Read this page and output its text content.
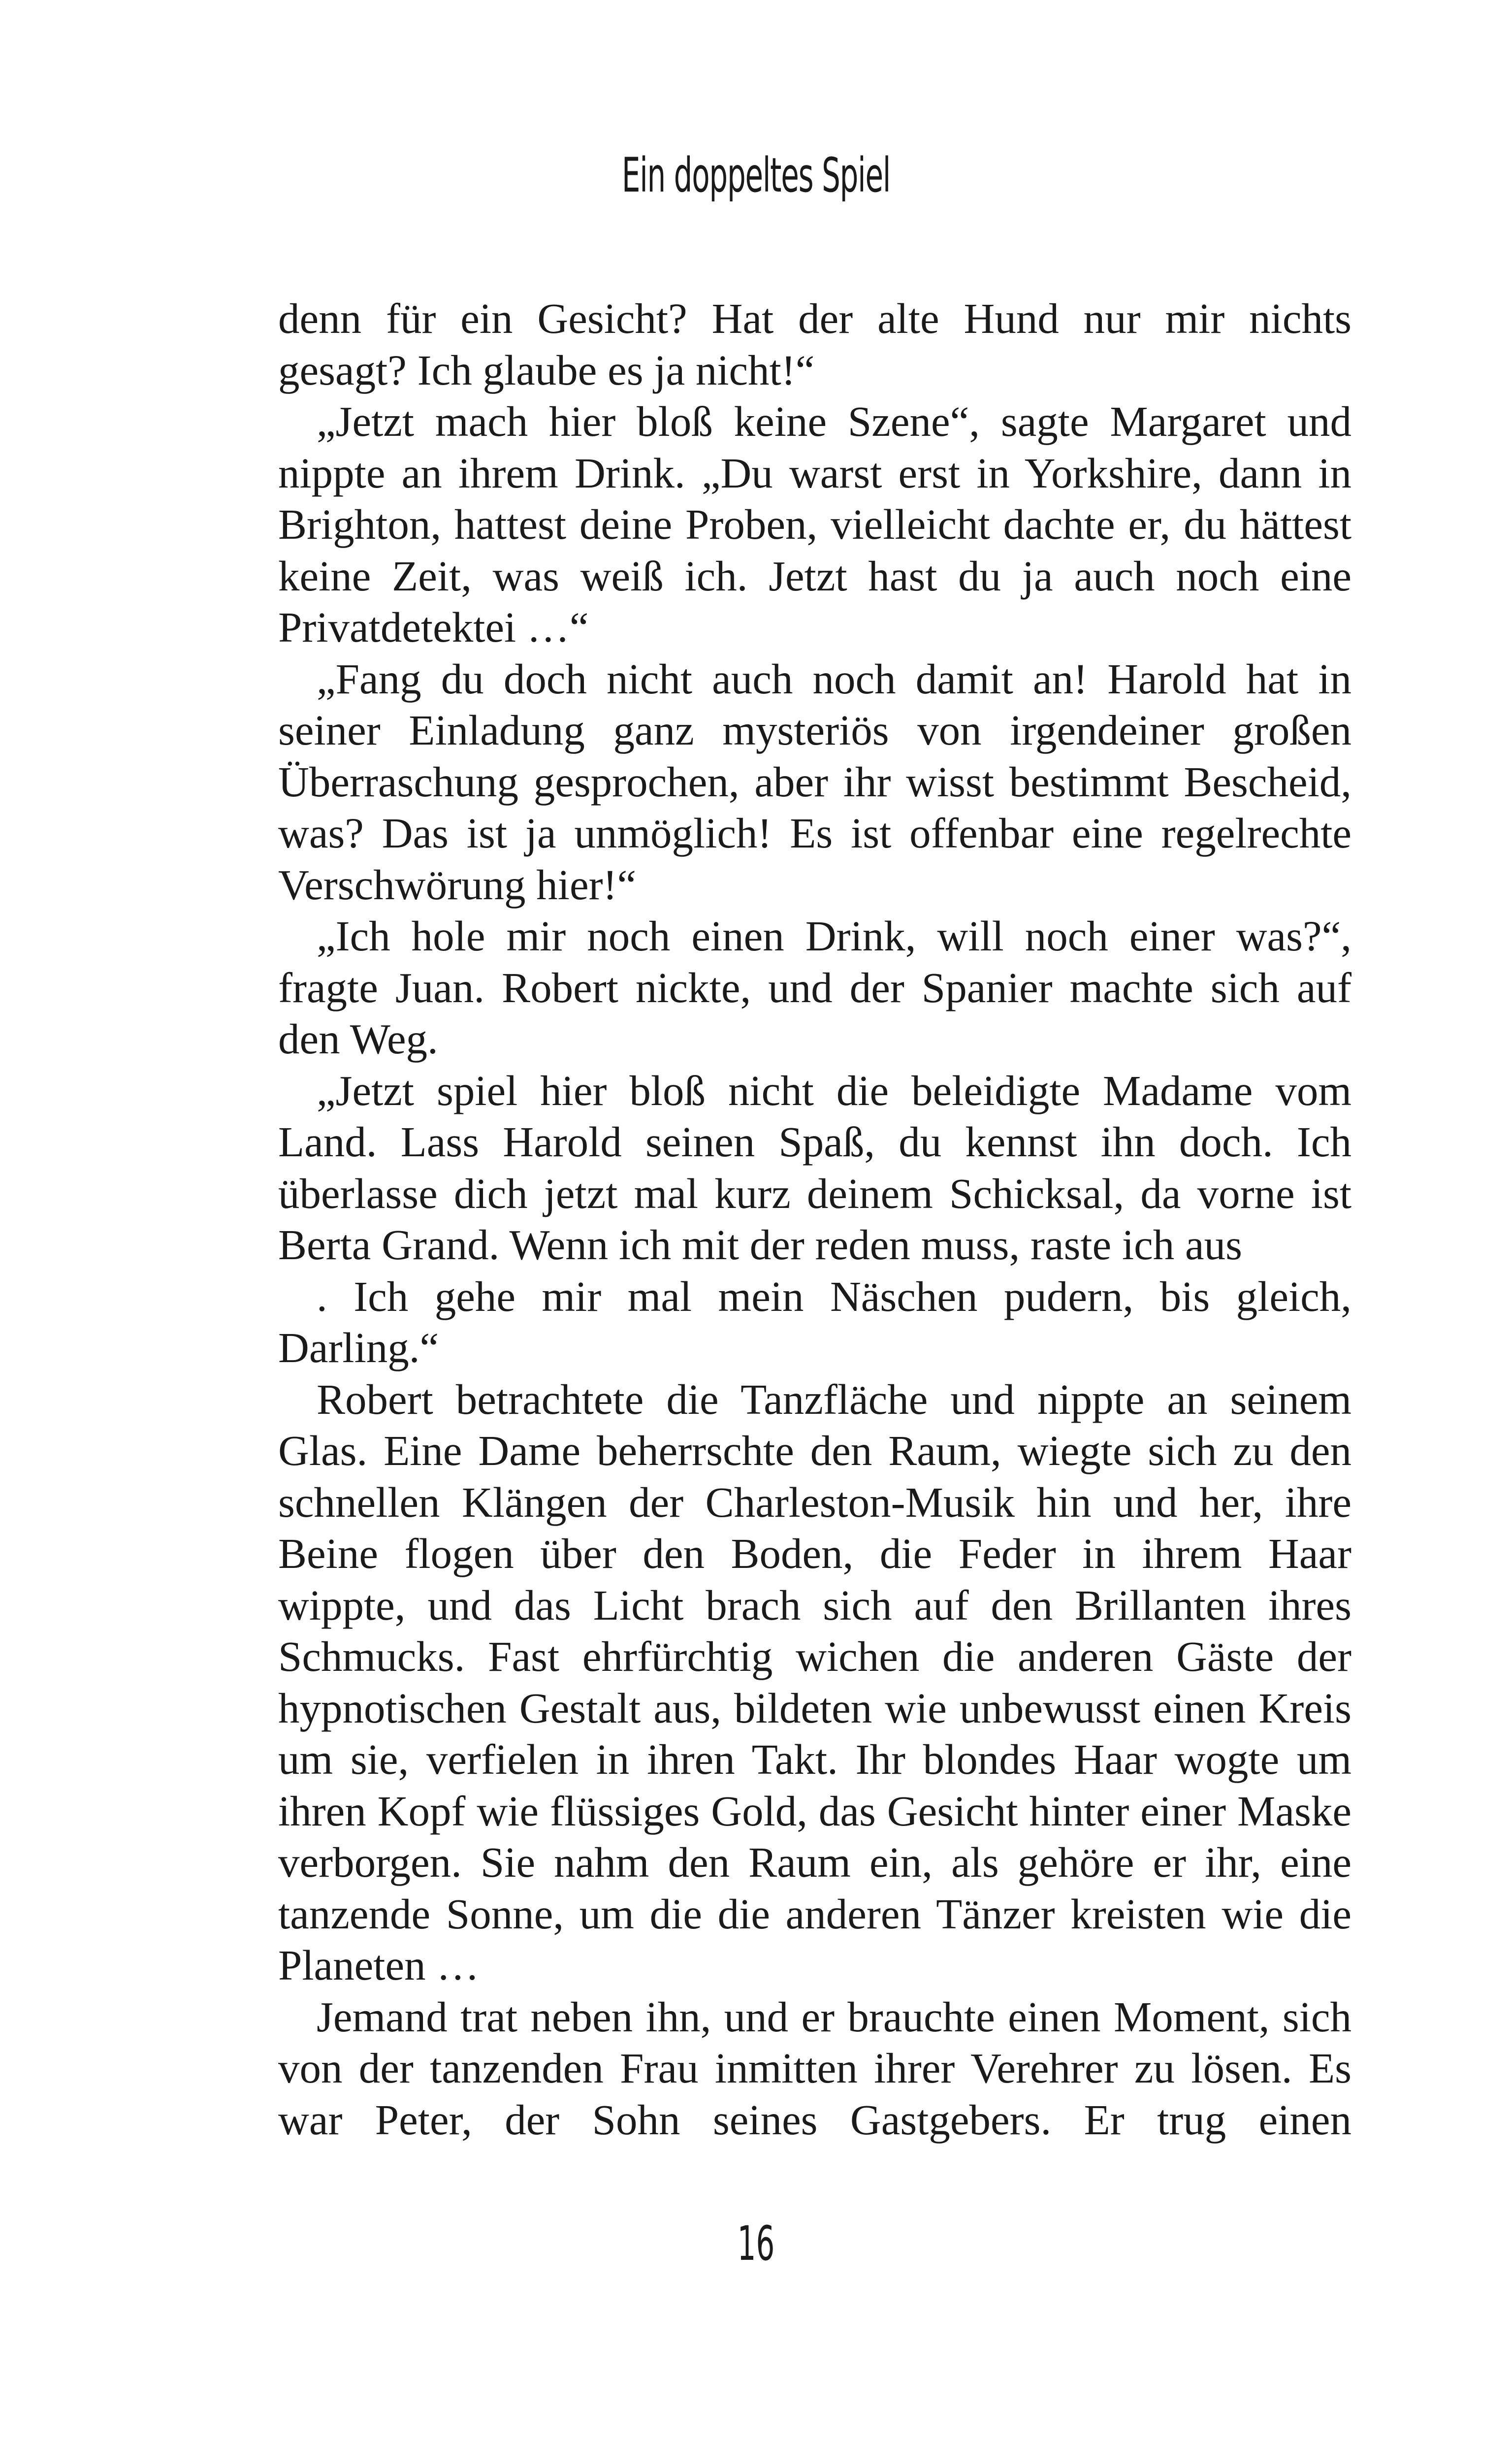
Ein doppeltes Spiel
denn für ein Gesicht? Hat der alte Hund nur mir nichts
gesagt? Ich glaube es ja nicht!“
„Jetzt mach hier bloß keine Szene“, sagte Margaret und
nippte an ihrem Drink. „Du warst erst in Yorkshire, dann in
Brighton, hattest deine Proben, vielleicht dachte er, du hättest
keine Zeit, was weiß ich. Jetzt hast du ja auch noch eine
Privatdetektei …“
„Fang du doch nicht auch noch damit an! Harold hat in
seiner Einladung ganz mysteriös von irgendeiner großen
Überraschung gesprochen, aber ihr wisst bestimmt Bescheid,
was? Das ist ja unmöglich! Es ist offenbar eine regelrechte
Verschwörung hier!“
„Ich hole mir noch einen Drink, will noch einer was?“,
fragte Juan. Robert nickte, und der Spanier machte sich auf
den Weg.
„Jetzt spiel hier bloß nicht die beleidigte Madame vom
Land. Lass Harold seinen Spaß, du kennst ihn doch. Ich
überlasse dich jetzt mal kurz deinem Schicksal, da vorne ist
Berta Grand. Wenn ich mit der reden muss, raste ich aus
. Ich gehe mir mal mein Näschen pudern, bis gleich,
Darling.“
Robert betrachtete die Tanzfläche und nippte an seinem
Glas. Eine Dame beherrschte den Raum, wiegte sich zu den
schnellen Klängen der Charleston-Musik hin und her, ihre
Beine flogen über den Boden, die Feder in ihrem Haar
wippte, und das Licht brach sich auf den Brillanten ihres
Schmucks. Fast ehrfürchtig wichen die anderen Gäste der
hypnotischen Gestalt aus, bildeten wie unbewusst einen Kreis
um sie, verfielen in ihren Takt. Ihr blondes Haar wogte um
ihren Kopf wie flüssiges Gold, das Gesicht hinter einer Maske
verborgen. Sie nahm den Raum ein, als gehöre er ihr, eine
tanzende Sonne, um die die anderen Tänzer kreisten wie die
Planeten …
Jemand trat neben ihn, und er brauchte einen Moment, sich
von der tanzenden Frau inmitten ihrer Verehrer zu lösen. Es
war Peter, der Sohn seines Gastgebers. Er trug einen
16
